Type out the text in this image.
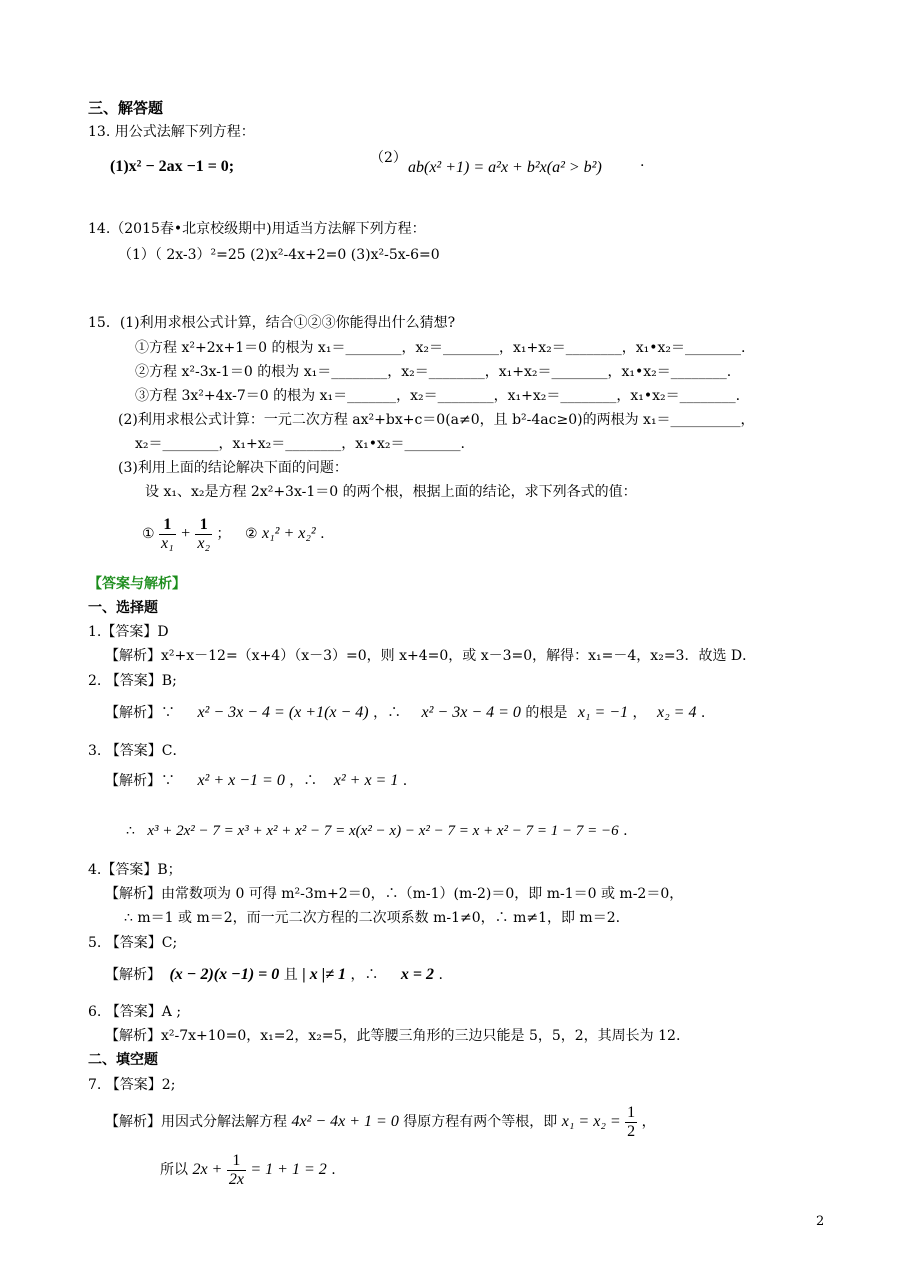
三、解答题
13. 用公式法解下列方程：
(1)x² − 2ax −1 = 0;	（2）
ab(x² +1) = a²x + b²x(a² > b²)	.
14.（2015春•北京校级期中)用适当方法解下列方程：
（1）（ 2x-3）²=25 (2)x²-4x+2=0 (3)x²-5x-6=0
15．(1)利用求根公式计算，结合①②③你能得出什么猜想?
①方程 x²+2x+1＝0 的根为 x₁＝________，x₂＝________，x₁+x₂＝________，x₁•x₂＝________.
②方程 x²-3x-1＝0 的根为 x₁＝________，x₂＝________，x₁+x₂＝________，x₁•x₂＝________.
③方程 3x²+4x-7＝0 的根为 x₁＝_______，x₂＝________，x₁+x₂＝________，x₁•x₂＝________.
(2)利用求根公式计算：一元二次方程 ax²+bx+c＝0(a≠0，且 b²-4ac≥0)的两根为 x₁＝__________，
x₂＝________，x₁+x₂＝________，x₁•x₂＝________.
(3)利用上面的结论解决下面的问题：
设 x₁、x₂是方程 2x²+3x-1＝0 的两个根，根据上面的结论，求下列各式的值：
① $\frac{1}{\text{x₁}} + \frac{1}{\text{x₂}}$ ； ② x₁² + x₂² .
【答案与解析】
一、选择题
1.【答案】D
【解析】x²+x－12=（x+4）（x－3）=0，则 x+4=0，或 x－3=0，解得：x₁=－4，x₂=3．故选 D．
2. 【答案】B;
【解析】∵ x² − 3x − 4 = (x +1(x − 4) ，∴ x² − 3x − 4 = 0 的根是 x₁ = −1 ， x₂ = 4 .
3. 【答案】C．
【解析】∵ x² + x −1 = 0 ，∴ x² + x = 1 .
∴ x³ + 2x² − 7 = x³ + x² + x² − 7 = x(x² − x) − x² − 7 = x + x² − 7 = 1 − 7 = −6 .
4.【答案】B；
【解析】由常数项为 0 可得 m²-3m+2＝0，∴（m-1）(m-2)＝0，即 m-1＝0 或 m-2＝0，
∴ m＝1 或 m＝2，而一元二次方程的二次项系数 m-1≠0，∴ m≠1，即 m＝2.
5. 【答案】C;
【解析】 (x − 2)(x −1) = 0 且 | x |≠ 1 ，∴ x = 2 .
6. 【答案】A ;
【解析】x²-7x+10=0，x₁=2，x₂=5，此等腰三角形的三边只能是 5，5，2，其周长为 12.
二、填空题
7. 【答案】2;
【解析】用因式分解法解方程 4x² − 4x + 1 = 0 得原方程有两个等根，即 $x_1 = x_2 = \frac{1}{2}$ ，
所以 $2x + \frac{1}{2x} = 1 + 1 = 2$ .
2
